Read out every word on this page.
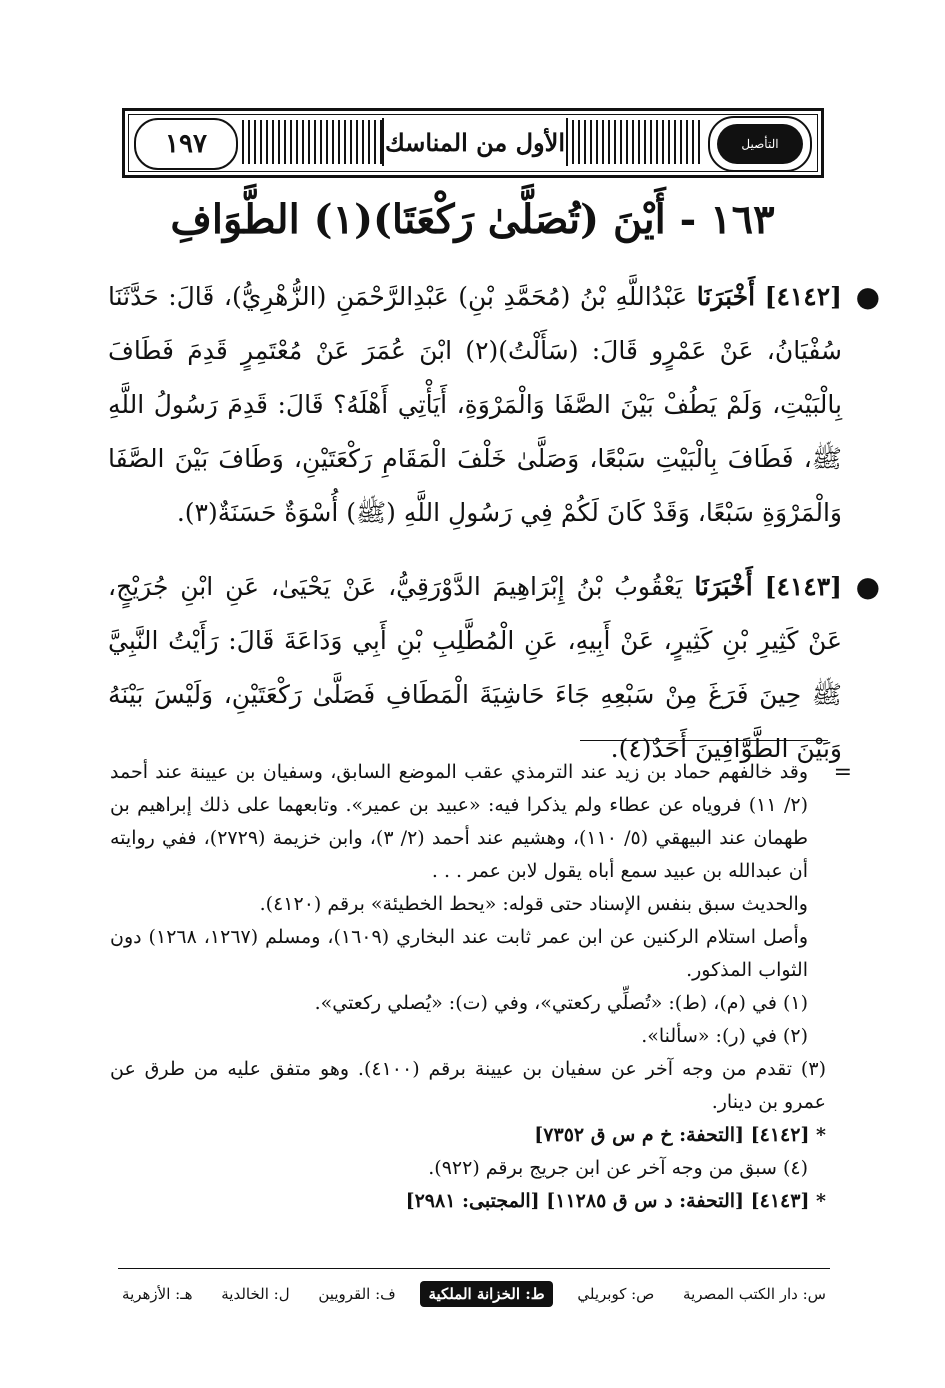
١٩٧	الأول من المناسك	التأصيل
١٦٣ - أَيْنَ (تُصَلَّىٰ رَكْعَتَا)(١) الطَّوَافِ
●
[٤١٤٢] أَخْبَرَنَا عَبْدُاللَّهِ بْنُ (مُحَمَّدِ بْنِ) عَبْدِالرَّحْمَنِ (الزُّهْرِيُّ)، قَالَ: حَدَّثَنَا سُفْيَانُ، عَنْ عَمْرٍو قَالَ: (سَأَلْتُ)(٢) ابْنَ عُمَرَ عَنْ مُعْتَمِرٍ قَدِمَ فَطَافَ بِالْبَيْتِ، وَلَمْ يَطُفْ بَيْنَ الصَّفَا وَالْمَرْوَةِ، أَيَأْتِي أَهْلَهُ؟ قَالَ: قَدِمَ رَسُولُ اللَّهِ ﷺ، فَطَافَ بِالْبَيْتِ سَبْعًا، وَصَلَّىٰ خَلْفَ الْمَقَامِ رَكْعَتَيْنِ، وَطَافَ بَيْنَ الصَّفَا وَالْمَرْوَةِ سَبْعًا، وَقَدْ كَانَ لَكُمْ فِي رَسُولِ اللَّهِ (ﷺ) أُسْوَةٌ حَسَنَةٌ(٣).
●
[٤١٤٣] أَخْبَرَنَا يَعْقُوبُ بْنُ إِبْرَاهِيمَ الدَّوْرَقِيُّ، عَنْ يَحْيَىٰ، عَنِ ابْنِ جُرَيْجٍ، عَنْ كَثِيرِ بْنِ كَثِيرٍ، عَنْ أَبِيهِ، عَنِ الْمُطَّلِبِ بْنِ أَبِي وَدَاعَةَ قَالَ: رَأَيْتُ النَّبِيَّ ﷺ حِينَ فَرَغَ مِنْ سَبْعِهِ جَاءَ حَاشِيَةَ الْمَطَافِ فَصَلَّىٰ رَكْعَتَيْنِ، وَلَيْسَ بَيْنَهُ وَبَيْنَ الطَّوَّافِينَ أَحَدٌ(٤).
=

وقد خالفهم حماد بن زيد عند الترمذي عقب الموضع السابق، وسفيان بن عيينة عند أحمد (٢/ ١١) فروياه عن عطاء ولم يذكرا فيه: «عبيد بن عمير». وتابعهما على ذلك إبراهيم بن طهمان عند البيهقي (٥/ ١١٠)، وهشيم عند أحمد (٢/ ٣)، وابن خزيمة (٢٧٢٩)، ففي روايته أن عبدالله بن عبيد سمع أباه يقول لابن عمر . . .

والحديث سبق بنفس الإسناد حتى قوله: «يحط الخطيئة» برقم (٤١٢٠).

وأصل استلام الركنين عن ابن عمر ثابت عند البخاري (١٦٠٩)، ومسلم (١٢٦٧، ١٢٦٨) دون الثواب المذكور.

(١) في (م)، (ط): «تُصلِّي ركعتي»، وفي (ت): «يُصلي ركعتي».

(٢) في (ر): «سألنا».

(٣) تقدم من وجه آخر عن سفيان بن عيينة برقم (٤١٠٠). وهو متفق عليه من طرق عن عمرو بن دينار.

* [٤١٤٢] [التحفة: خ م س ق ٧٣٥٢]

(٤) سبق من وجه آخر عن ابن جريج برقم (٩٢٢).

* [٤١٤٣] [التحفة: د س ق ١١٢٨٥] [المجتبى: ٢٩٨١]

س: دار الكتب المصرية
ص: كوبريلي
ط: الخزانة الملكية
ف: القرويين
ل: الخالدية
هـ: الأزهرية
